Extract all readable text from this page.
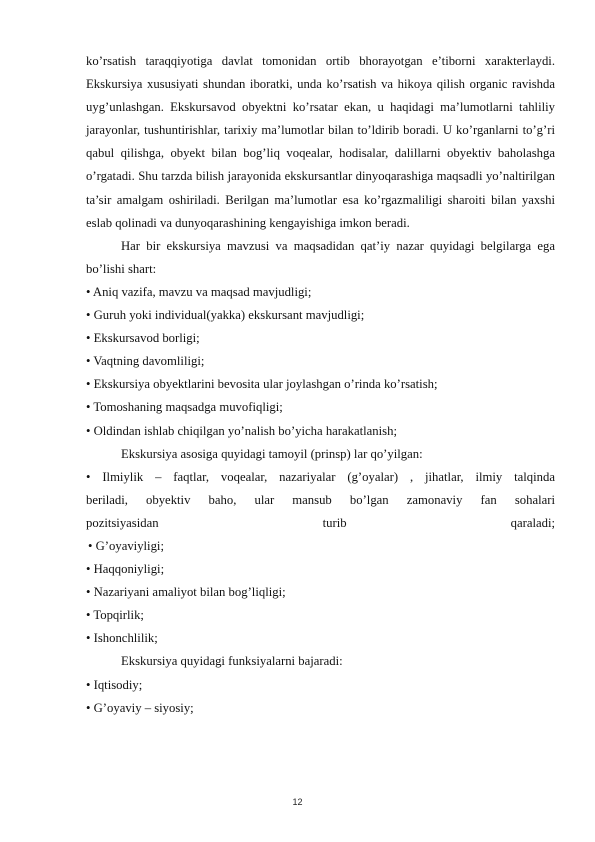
ko’rsatish taraqqiyotiga davlat tomonidan ortib bhorayotgan e’tiborni xarakterlaydi. Ekskursiya xususiyati shundan iboratki, unda ko’rsatish va hikoya qilish organic ravishda uyg’unlashgan. Ekskursavod obyektni ko’rsatar ekan, u haqidagi ma’lumotlarni tahliliy jarayonlar, tushuntirishlar, tarixiy ma’lumotlar bilan to’ldirib boradi. U ko’rganlarni to’g’ri qabul qilishga, obyekt bilan bog’liq voqealar, hodisalar, dalillarni obyektiv baholashga o’rgatadi. Shu tarzda bilish jarayonida ekskursantlar dinyoqarashiga maqsadli yo’naltirilgan ta’sir amalgam oshiriladi. Berilgan ma’lumotlar esa ko’rgazmaliligi sharoiti bilan yaxshi eslab qolinadi va dunyoqarashining kengayishiga imkon beradi.

Har bir ekskursiya mavzusi va maqsadidan qat’iy nazar quyidagi belgilarga ega bo’lishi shart:

• Aniq vazifa, mavzu va maqsad mavjudligi;

• Guruh yoki individual(yakka) ekskursant mavjudligi;

• Ekskursavod borligi;

• Vaqtning davomliligi;

• Ekskursiya obyektlarini bevosita ular joylashgan o’rinda ko’rsatish;

• Tomoshaning maqsadga muvofiqligi;

• Oldindan ishlab chiqilgan yo’nalish bo’yicha harakatlanish;

Ekskursiya asosiga quyidagi tamoyil (prinsp) lar qo’yilgan:

• Ilmiylik – faqtlar, voqealar, nazariyalar (g’oyalar) , jihatlar, ilmiy talqinda

beriladi, obyektiv baho, ular mansub bo’lgan zamonaviy fan sohalari

pozitsiyasidan turib qaraladi;

• G’oyaviyligi;

• Haqqoniyligi;

• Nazariyani amaliyot bilan bog’liqligi;

• Topqirlik;

• Ishonchlilik;

Ekskursiya quyidagi funksiyalarni bajaradi:

• Iqtisodiy;

• G’oyaviy – siyosiy;

12
